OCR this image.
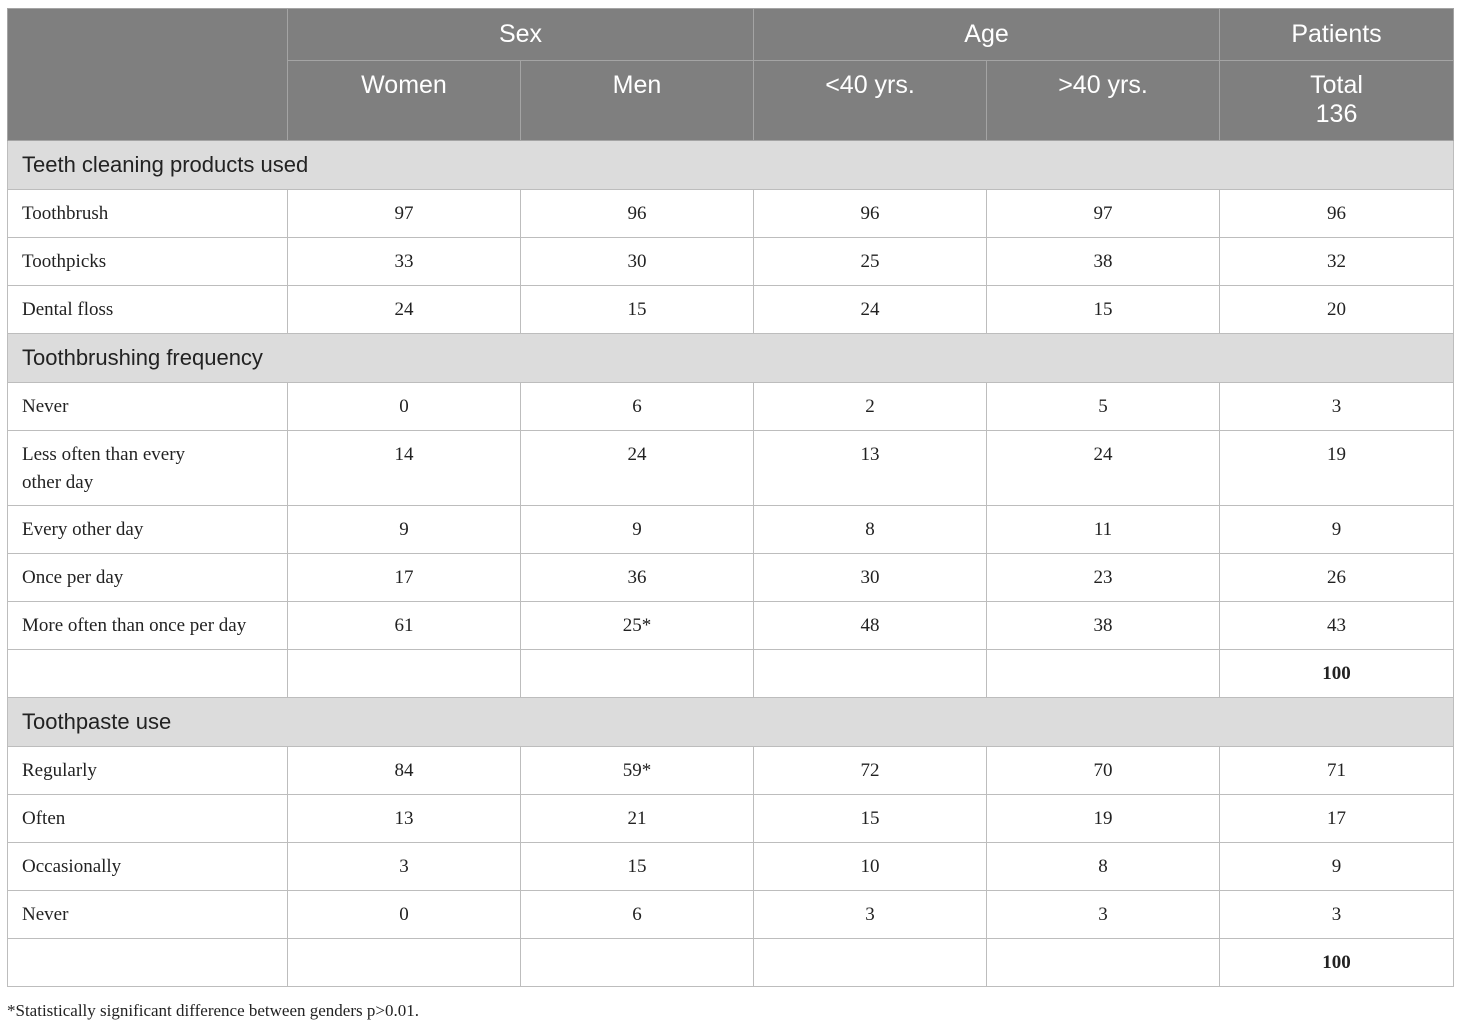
	Sex		Age		Patients
	Women	Men	<40 yrs.	>40 yrs.	Total
136

Teeth cleaning products used					
Toothbrush	97	96	96	97	96
Toothpicks	33	30	25	38	32
Dental floss	24	15	24	15	20
Toothbrushing frequency					
Never	0	6	2	5	3
Less often than every
other day	14	24	13	24	19
Every other day	9	9	8	11	9
Once per day	17	36	30	23	26
More often than once per day	61	25*	48	38	43
					100
Toothpaste use					
Regularly	84	59*	72	70	71
Often	13	21	15	19	17
Occasionally	3	15	10	8	9
Never	0	6	3	3	3
					100
*Statistically significant difference between genders p>0.01.
